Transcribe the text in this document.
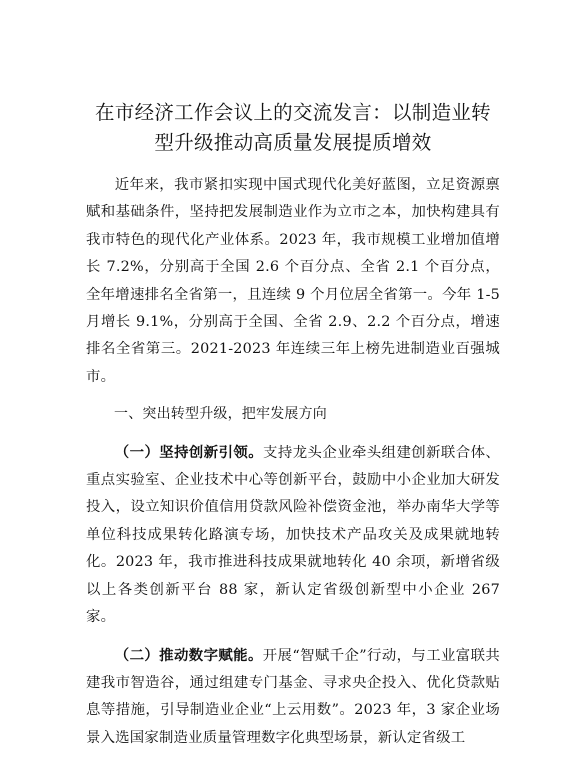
在市经济工作会议上的交流发言：以制造业转
型升级推动高质量发展提质增效

近年来，我市紧扣实现中国式现代化美好蓝图，立足资源禀赋和基础条件，坚持把发展制造业作为立市之本，加快构建具有我市特色的现代化产业体系。2023 年，我市规模工业增加值增长 7.2%，分别高于全国 2.6 个百分点、全省 2.1 个百分点，全年增速排名全省第一，且连续 9 个月位居全省第一。今年 1-5 月增长 9.1%，分别高于全国、全省 2.9、2.2 个百分点，增速排名全省第三。2021-2023 年连续三年上榜先进制造业百强城市。

一、突出转型升级，把牢发展方向

（一）坚持创新引领。支持龙头企业牵头组建创新联合体、重点实验室、企业技术中心等创新平台，鼓励中小企业加大研发投入，设立知识价值信用贷款风险补偿资金池，举办南华大学等单位科技成果转化路演专场，加快技术产品攻关及成果就地转化。2023 年，我市推进科技成果就地转化 40 余项，新增省级以上各类创新平台 88 家，新认定省级创新型中小企业 267 家。

（二）推动数字赋能。开展“智赋千企”行动，与工业富联共建我市智造谷，通过组建专门基金、寻求央企投入、优化贷款贴息等措施，引导制造业企业“上云用数”。2023 年，3 家企业场景入选国家制造业质量管理数字化典型场景，新认定省级工
